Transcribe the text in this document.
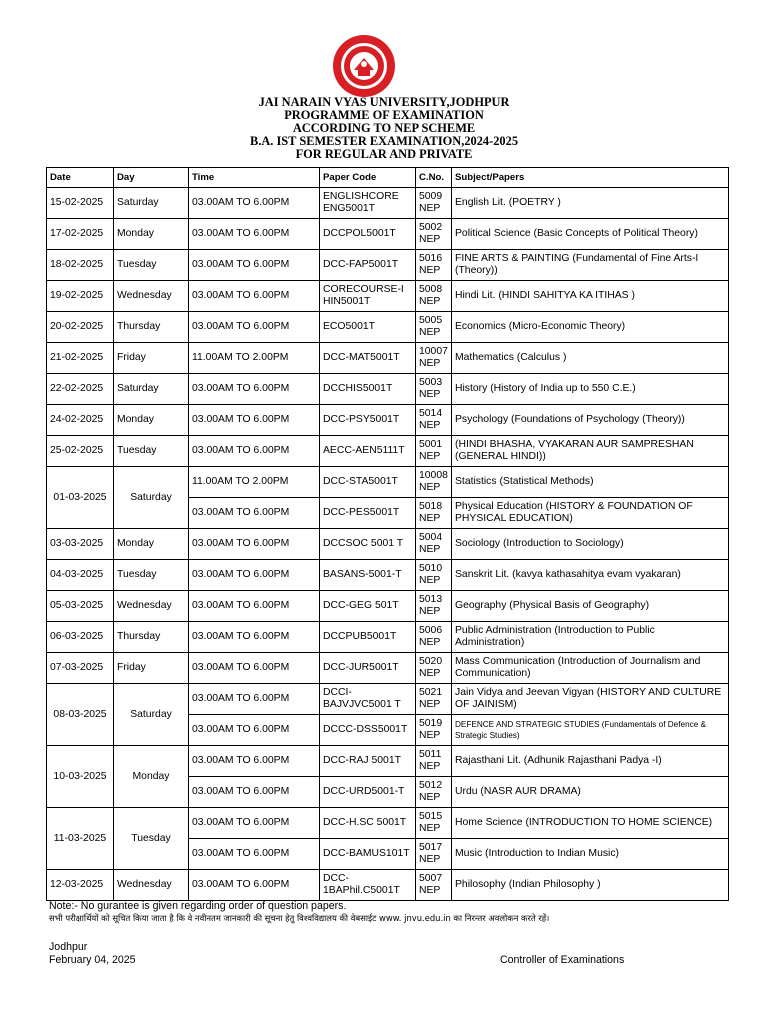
JAI NARAIN VYAS UNIVERSITY,JODHPUR
PROGRAMME OF EXAMINATION
ACCORDING TO NEP SCHEME
B.A. IST SEMESTER EXAMINATION,2024-2025
FOR REGULAR AND PRIVATE
Date	Day	Time	Paper Code	C.No.	Subject/Papers
15-02-2025	Saturday	03.00AM TO 6.00PM	ENGLISHCORE ENG5001T	5009 NEP	English Lit. (POETRY )
17-02-2025	Monday	03.00AM TO 6.00PM	DCCPOL5001T	5002 NEP	Political Science (Basic Concepts of Political Theory)
18-02-2025	Tuesday	03.00AM TO 6.00PM	DCC-FAP5001T	5016 NEP	FINE ARTS & PAINTING (Fundamental of Fine Arts-I (Theory))
19-02-2025	Wednesday	03.00AM TO 6.00PM	CORECOURSE-I HIN5001T	5008 NEP	Hindi Lit. (HINDI SAHITYA KA ITIHAS )
20-02-2025	Thursday	03.00AM TO 6.00PM	ECO5001T	5005 NEP	Economics (Micro-Economic Theory)
21-02-2025	Friday	11.00AM TO 2.00PM	DCC-MAT5001T	10007 NEP	Mathematics (Calculus )
22-02-2025	Saturday	03.00AM TO 6.00PM	DCCHIS5001T	5003 NEP	History (History of India up to 550 C.E.)
24-02-2025	Monday	03.00AM TO 6.00PM	DCC-PSY5001T	5014 NEP	Psychology (Foundations of Psychology (Theory))
25-02-2025	Tuesday	03.00AM TO 6.00PM	AECC-AEN5111T	5001 NEP	(HINDI BHASHA, VYAKARAN AUR SAMPRESHAN (GENERAL HINDI))
01-03-2025	Saturday	11.00AM TO 2.00PM	DCC-STA5001T	10008 NEP	Statistics (Statistical Methods)
		03.00AM TO 6.00PM	DCC-PES5001T	5018 NEP	Physical Education (HISTORY & FOUNDATION OF PHYSICAL EDUCATION)
03-03-2025	Monday	03.00AM TO 6.00PM	DCCSOC 5001 T	5004 NEP	Sociology (Introduction to Sociology)
04-03-2025	Tuesday	03.00AM TO 6.00PM	BASANS-5001-T	5010 NEP	Sanskrit Lit. (kavya kathasahitya evam vyakaran)
05-03-2025	Wednesday	03.00AM TO 6.00PM	DCC-GEG 501T	5013 NEP	Geography (Physical Basis of Geography)
06-03-2025	Thursday	03.00AM TO 6.00PM	DCCPUB5001T	5006 NEP	Public Administration (Introduction to Public Administration)
07-03-2025	Friday	03.00AM TO 6.00PM	DCC-JUR5001T	5020 NEP	Mass Communication (Introduction of Journalism and Communication)
08-03-2025	Saturday	03.00AM TO 6.00PM	DCCI-BAJVJVC5001 T	5021 NEP	Jain Vidya and Jeevan Vigyan (HISTORY AND CULTURE OF JAINISM)
		03.00AM TO 6.00PM	DCCC-DSS5001T	5019 NEP	DEFENCE AND STRATEGIC STUDIES (Fundamentals of Defence & Strategic Studies)
10-03-2025	Monday	03.00AM TO 6.00PM	DCC-RAJ 5001T	5011 NEP	Rajasthani Lit. (Adhunik Rajasthani Padya -I)
		03.00AM TO 6.00PM	DCC-URD5001-T	5012 NEP	Urdu (NASR AUR DRAMA)
11-03-2025	Tuesday	03.00AM TO 6.00PM	DCC-H.SC 5001T	5015 NEP	Home Science (INTRODUCTION TO HOME SCIENCE)
		03.00AM TO 6.00PM	DCC-BAMUS101T	5017 NEP	Music (Introduction to Indian Music)
12-03-2025	Wednesday	03.00AM TO 6.00PM	DCC-1BAPhil.C5001T	5007 NEP	Philosophy (Indian Philosophy )
Note:- No gurantee is given regarding order of question papers.
सभी परीक्षार्थियों को सूचित किया जाता है कि वे नवीनतम जानकारी की सूचना हेतु विश्वविद्यालय की वेबसाईट www. jnvu.edu.in का निरन्तर अवलोकन करते रहें।
Jodhpur
February 04, 2025	Controller of Examinations
